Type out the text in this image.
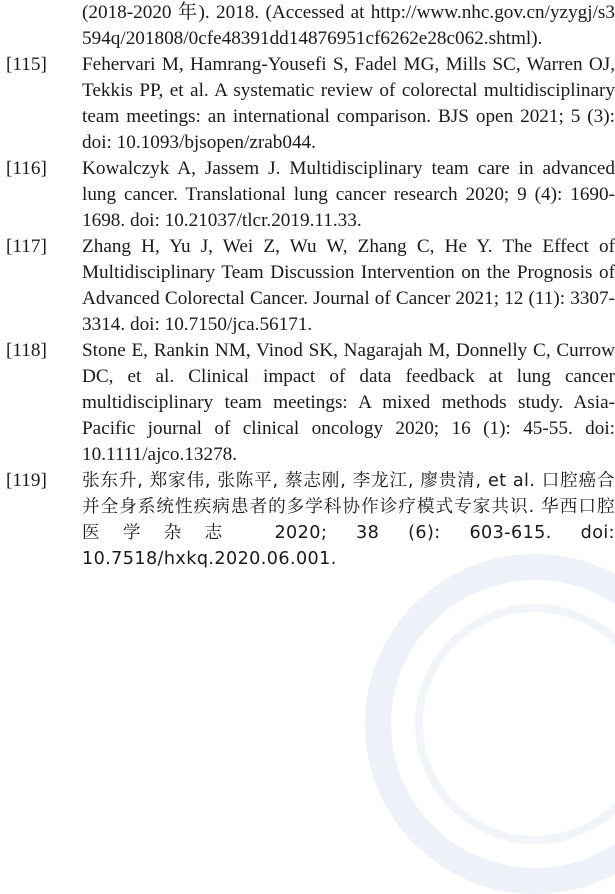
(2018-2020 年). 2018. (Accessed at http://www.nhc.gov.cn/yzygj/s3594q/201808/0cfe48391dd14876951cf6262e28c062.shtml).
[115]	Fehervari M, Hamrang-Yousefi S, Fadel MG, Mills SC, Warren OJ, Tekkis PP, et al. A systematic review of colorectal multidisciplinary team meetings: an international comparison. BJS open 2021; 5 (3): doi: 10.1093/bjsopen/zrab044.
[116]	Kowalczyk A, Jassem J. Multidisciplinary team care in advanced lung cancer. Translational lung cancer research 2020; 9 (4): 1690-1698. doi: 10.21037/tlcr.2019.11.33.
[117]	Zhang H, Yu J, Wei Z, Wu W, Zhang C, He Y. The Effect of Multidisciplinary Team Discussion Intervention on the Prognosis of Advanced Colorectal Cancer. Journal of Cancer 2021; 12 (11): 3307-3314. doi: 10.7150/jca.56171.
[118]	Stone E, Rankin NM, Vinod SK, Nagarajah M, Donnelly C, Currow DC, et al. Clinical impact of data feedback at lung cancer multidisciplinary team meetings: A mixed methods study. Asia-Pacific journal of clinical oncology 2020; 16 (1): 45-55. doi: 10.1111/ajco.13278.
[119]	张东升, 郑家伟, 张陈平, 蔡志刚, 李龙江, 廖贵清, et al. 口腔癌合并全身系统性疾病患者的多学科协作诊疗模式专家共识. 华西口腔医学杂志 2020; 38 (6): 603-615. doi: 10.7518/hxkq.2020.06.001.
